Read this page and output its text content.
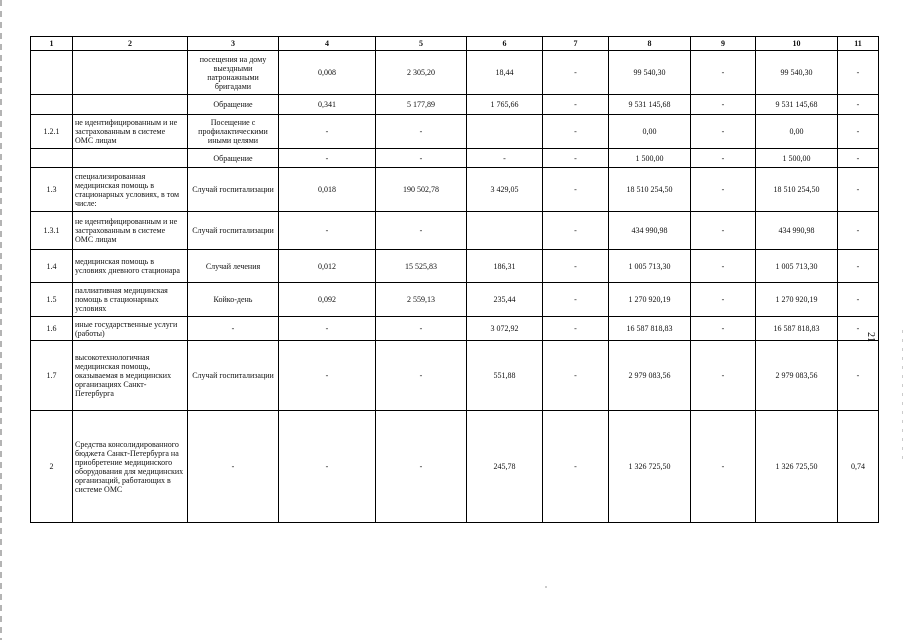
21
1	2	3	4	5	6	7	8	9	10	11
		посещения на дому выездными патронажными бригадами	0,008	2 305,20	18,44	-	99 540,30	-	99 540,30	-
		Обращение	0,341	5 177,89	1 765,66	-	9 531 145,68	-	9 531 145,68	-
1.2.1	не идентифицированным и не застрахованным в системе ОМС лицам	Посещение с профилактическими иными целями	-	-		-	0,00	-	0,00	-
		Обращение	-	-	-	-	1 500,00	-	1 500,00	-
1.3	специализированная медицинская помощь в стационарных условиях, в том числе:	Случай госпитализации	0,018	190 502,78	3 429,05	-	18 510 254,50	-	18 510 254,50	-
1.3.1	не идентифицированным и не застрахованным в системе ОМС лицам	Случай госпитализации	-	-		-	434 990,98	-	434 990,98	-
1.4	медицинская помощь в условиях дневного стационара	Случай лечения	0,012	15 525,83	186,31	-	1 005 713,30	-	1 005 713,30	-
1.5	паллиативная медицинская помощь в стационарных условиях	Койко-день	0,092	2 559,13	235,44	-	1 270 920,19	-	1 270 920,19	-
1.6	иные государственные услуги (работы)	-	-	-	3 072,92	-	16 587 818,83	-	16 587 818,83	-
1.7	высокотехнологичная медицинская помощь, оказываемая в медицинских организациях Санкт-Петербурга	Случай госпитализации	-	-	551,88	-	2 979 083,56	-	2 979 083,56	-
2	Средства консолидированного бюджета Санкт-Петербурга на приобретение медицинского оборудования для медицинских организаций, работающих в системе ОМС	-	-	-	245,78	-	1 326 725,50	-	1 326 725,50	0,74
